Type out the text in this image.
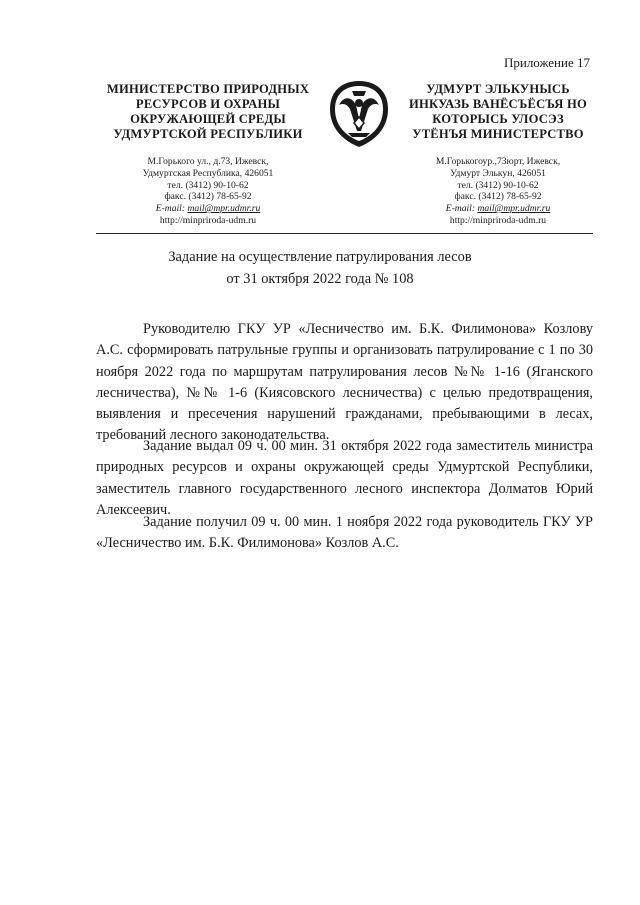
Приложение 17
МИНИСТЕРСТВО ПРИРОДНЫХ
РЕСУРСОВ И ОХРАНЫ
ОКРУЖАЮЩЕЙ СРЕДЫ
УДМУРТСКОЙ РЕСПУБЛИКИ
УДМУРТ ЭЛЬКУНЫСЬ
ИНКУАЗЬ ВАНЁСЪЁСЪЯ НО
КОТОРЫСЬ УЛОСЭЗ
УТЁНЪЯ МИНИСТЕРСТВО
М.Горького ул., д.73, Ижевск,
Удмуртская Республика, 426051
тел. (3412) 90-10-62
факс. (3412) 78-65-92
E-mail: mail@mpr.udmr.ru
http://minpriroda-udm.ru
М.Горькогоур.,73юрт, Ижевск,
Удмурт Элькун, 426051
тел. (3412) 90-10-62
факс. (3412) 78-65-92
E-mail: mail@mpr.udmr.ru
http://minpriroda-udm.ru
Задание на осуществление патрулирования лесов
от 31 октября 2022 года № 108
Руководителю ГКУ УР «Лесничество им. Б.К. Филимонова» Козлову А.С. сформировать патрульные группы и организовать патрулирование с 1 по 30 ноября 2022 года по маршрутам патрулирования лесов №№ 1-16 (Яганского лесничества), №№ 1-6 (Киясовского лесничества) с целью предотвращения, выявления и пресечения нарушений гражданами, пребывающими в лесах, требований лесного законодательства.
Задание выдал 09 ч. 00 мин. 31 октября 2022 года заместитель министра природных ресурсов и охраны окружающей среды Удмуртской Республики, заместитель главного государственного лесного инспектора Долматов Юрий Алексеевич.
Задание получил 09 ч. 00 мин. 1 ноября 2022 года руководитель ГКУ УР «Лесничество им. Б.К. Филимонова» Козлов А.С.
